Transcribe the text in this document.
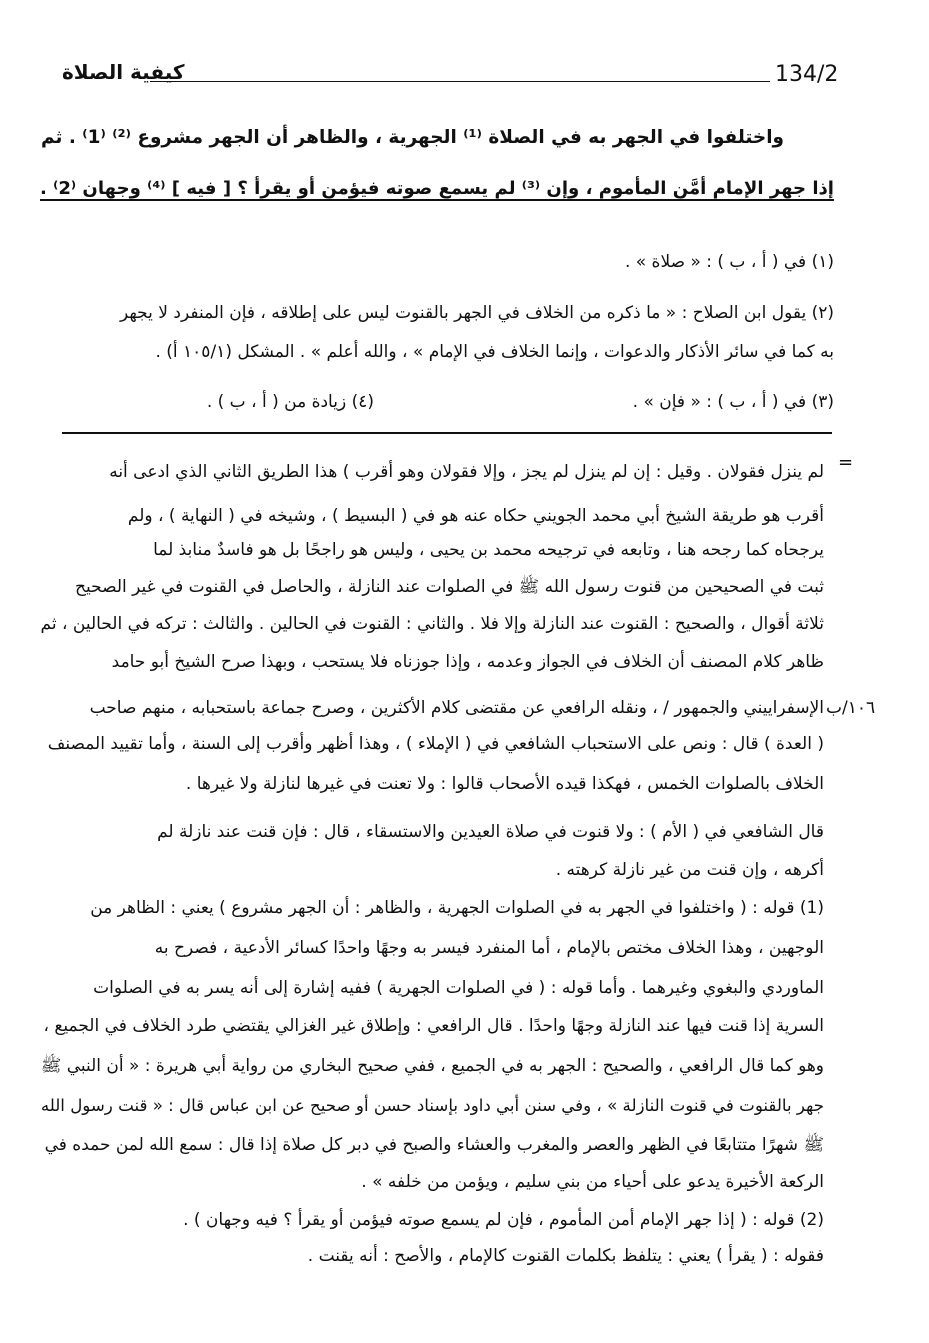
134/2
كيفية الصلاة
واختلفوا في الجهر به في الصلاة ⁽¹⁾ الجهرية ، والظاهر أن الجهر مشروع ⁽²⁾ ⁽1⁾ . ثم
إذا جهر الإمام أمَّن المأموم ، وإن ⁽³⁾ لم يسمع صوته فيؤمن أو يقرأ ؟ [ فيه ] ⁽⁴⁾ وجهان ⁽2⁾ .
(١) في ( أ ، ب ) : « صلاة » .
(٢) يقول ابن الصلاح : « ما ذكره من الخلاف في الجهر بالقنوت ليس على إطلاقه ، فإن المنفرد لا يجهر
به كما في سائر الأذكار والدعوات ، وإنما الخلاف في الإمام » ، والله أعلم » . المشكل (١٠٥/١ أ) .
(٣) في ( أ ، ب ) : « فإن » .
(٤) زيادة من ( أ ، ب ) .
=
١٠٦/ب
لم ينزل فقولان . وقيل : إن لم ينزل لم يجز ، وإلا فقولان وهو أقرب ) هذا الطريق الثاني الذي ادعى أنه
أقرب هو طريقة الشيخ أبي محمد الجويني حكاه عنه هو في ( البسيط ) ، وشيخه في ( النهاية ) ، ولم
يرجحاه كما رجحه هنا ، وتابعه في ترجيحه محمد بن يحيى ، وليس هو راجحًا بل هو فاسدٌ منابذ لما
ثبت في الصحيحين من قنوت رسول الله ﷺ في الصلوات عند النازلة ، والحاصل في القنوت في غير الصحيح
ثلاثة أقوال ، والصحيح : القنوت عند النازلة وإلا فلا . والثاني : القنوت في الحالين . والثالث : تركه في الحالين ، ثم
ظاهر كلام المصنف أن الخلاف في الجواز وعدمه ، وإذا جوزناه فلا يستحب ، وبهذا صرح الشيخ أبو حامد
الإسفراييني والجمهور / ، ونقله الرافعي عن مقتضى كلام الأكثرين ، وصرح جماعة باستحبابه ، منهم صاحب
( العدة ) قال : ونص على الاستحباب الشافعي في ( الإملاء ) ، وهذا أظهر وأقرب إلى السنة ، وأما تقييد المصنف
الخلاف بالصلوات الخمس ، فهكذا قيده الأصحاب قالوا : ولا تعنت في غيرها لنازلة ولا غيرها .
قال الشافعي في ( الأم ) : ولا قنوت في صلاة العيدين والاستسقاء ، قال : فإن قنت عند نازلة لم
أكرهه ، وإن قنت من غير نازلة كرهته .
(1) قوله : ( واختلفوا في الجهر به في الصلوات الجهرية ، والظاهر : أن الجهر مشروع ) يعني : الظاهر من
الوجهين ، وهذا الخلاف مختص بالإمام ، أما المنفرد فيسر به وجهًا واحدًا كسائر الأدعية ، فصرح به
الماوردي والبغوي وغيرهما . وأما قوله : ( في الصلوات الجهرية ) ففيه إشارة إلى أنه يسر به في الصلوات
السرية إذا قنت فيها عند النازلة وجهًا واحدًا . قال الرافعي : وإطلاق غير الغزالي يقتضي طرد الخلاف في الجميع ،
وهو كما قال الرافعي ، والصحيح : الجهر به في الجميع ، ففي صحيح البخاري من رواية أبي هريرة : « أن النبي ﷺ
جهر بالقنوت في قنوت النازلة » ، وفي سنن أبي داود بإسناد حسن أو صحيح عن ابن عباس قال : « قنت رسول الله
ﷺ شهرًا متتابعًا في الظهر والعصر والمغرب والعشاء والصبح في دبر كل صلاة إذا قال : سمع الله لمن حمده في
الركعة الأخيرة يدعو على أحياء من بني سليم ، ويؤمن من خلفه » .
(2) قوله : ( إذا جهر الإمام أمن المأموم ، فإن لم يسمع صوته فيؤمن أو يقرأ ؟ فيه وجهان ) .
فقوله : ( يقرأ ) يعني : يتلفظ بكلمات القنوت كالإمام ، والأصح : أنه يقنت .
